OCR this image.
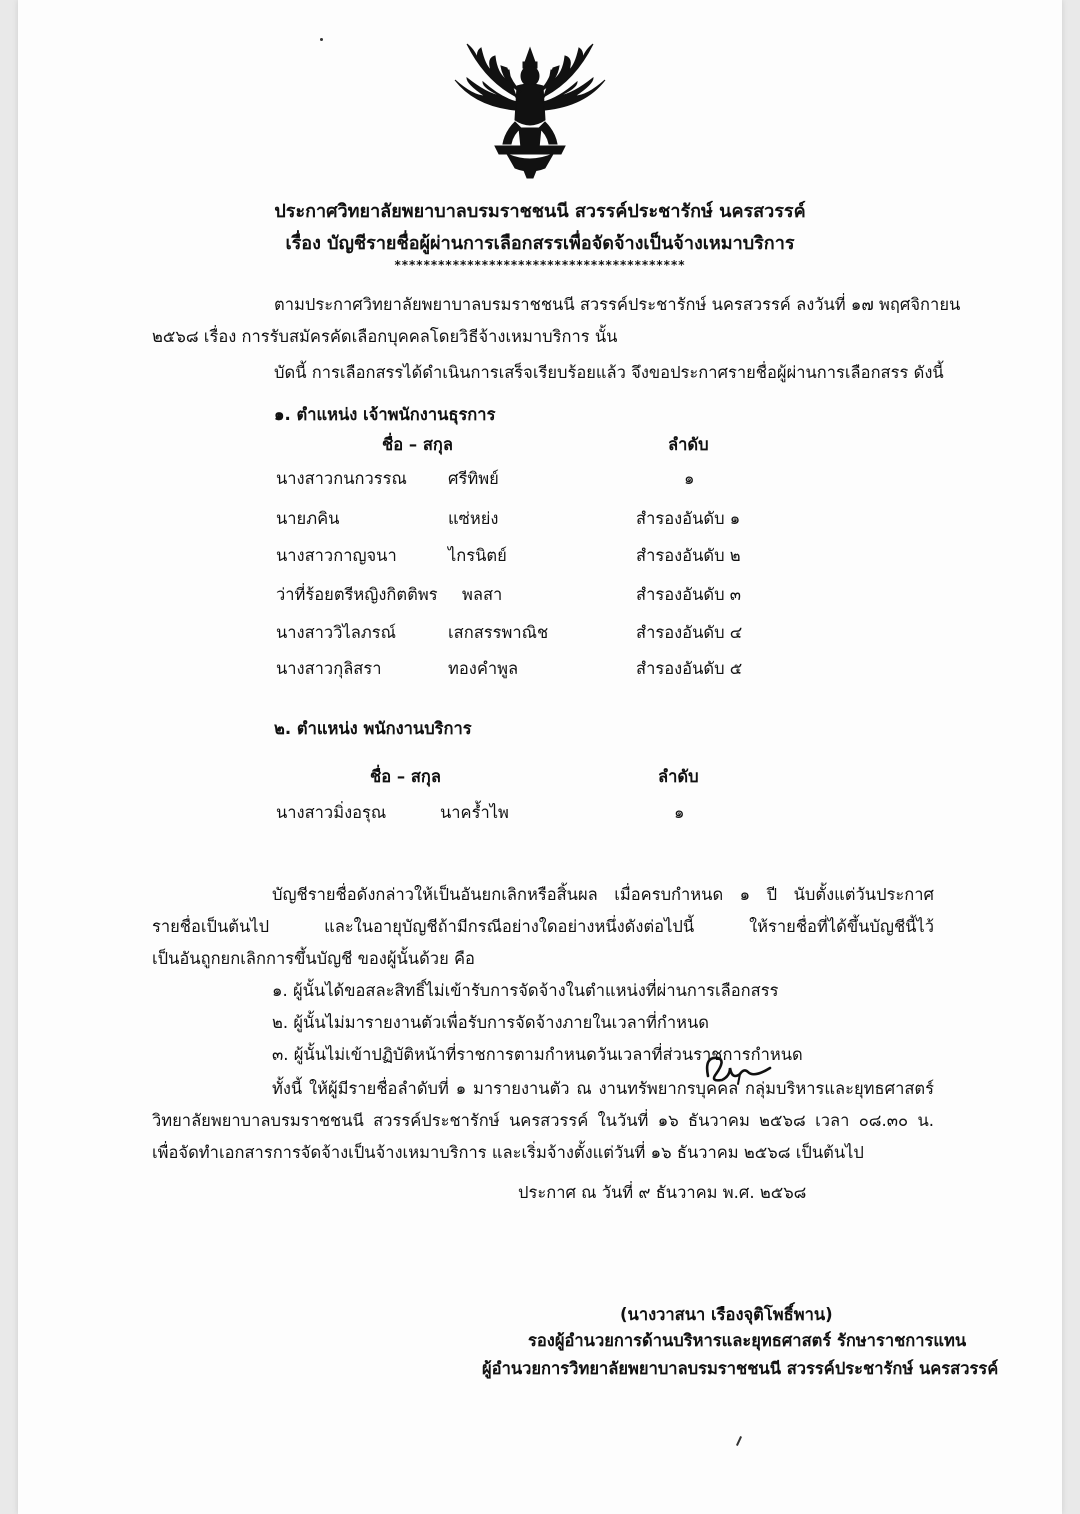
ประกาศวิทยาลัยพยาบาลบรมราชชนนี สวรรค์ประชารักษ์ นครสวรรค์
เรื่อง บัญชีรายชื่อผู้ผ่านการเลือกสรรเพื่อจัดจ้างเป็นจ้างเหมาบริการ
****************************************
ตามประกาศวิทยาลัยพยาบาลบรมราชชนนี สวรรค์ประชารักษ์ นครสวรรค์ ลงวันที่ ๑๗ พฤศจิกายน
๒๕๖๘ เรื่อง การรับสมัครคัดเลือกบุคคลโดยวิธีจ้างเหมาบริการ นั้น
บัดนี้ การเลือกสรรได้ดำเนินการเสร็จเรียบร้อยแล้ว จึงขอประกาศรายชื่อผู้ผ่านการเลือกสรร ดังนี้
๑. ตำแหน่ง เจ้าพนักงานธุรการ
ชื่อ – สกุล	ลำดับ
นางสาวกนกวรรณ ศรีทิพย์	๑
นายภคิน	แซ่หย่ง	สำรองอันดับ ๑
นางสาวกาญจนา	ไกรนิตย์	สำรองอันดับ ๒
ว่าที่ร้อยตรีหญิงกิตติพร พลสา	สำรองอันดับ ๓
นางสาววิไลภรณ์	เสกสรรพาณิช	สำรองอันดับ ๔
นางสาวกุลิสรา	ทองคำพูล	สำรองอันดับ ๕
๒. ตำแหน่ง พนักงานบริการ
ชื่อ – สกุล	ลำดับ
นางสาวมิ่งอรุณ	นาคร้ำไพ	๑
บัญชีรายชื่อดังกล่าวให้เป็นอันยกเลิกหรือสิ้นผล เมื่อครบกำหนด ๑ ปี นับตั้งแต่วันประกาศ
รายชื่อเป็นต้นไป และในอายุบัญชีถ้ามีกรณีอย่างใดอย่างหนึ่งดังต่อไปนี้ ให้รายชื่อที่ได้ขึ้นบัญชีนี้ไว้
เป็นอันถูกยกเลิกการขึ้นบัญชี ของผู้นั้นด้วย คือ
๑. ผู้นั้นได้ขอสละสิทธิ์ไม่เข้ารับการจัดจ้างในตำแหน่งที่ผ่านการเลือกสรร
๒. ผู้นั้นไม่มารายงานตัวเพื่อรับการจัดจ้างภายในเวลาที่กำหนด
๓. ผู้นั้นไม่เข้าปฏิบัติหน้าที่ราชการตามกำหนดวันเวลาที่ส่วนราชการกำหนด
ทั้งนี้ ให้ผู้มีรายชื่อลำดับที่ ๑ มารายงานตัว ณ งานทรัพยากรบุคคล กลุ่มบริหารและยุทธศาสตร์
วิทยาลัยพยาบาลบรมราชชนนี สวรรค์ประชารักษ์ นครสวรรค์ ในวันที่ ๑๖ ธันวาคม ๒๕๖๘ เวลา ๐๘.๓๐ น.
เพื่อจัดทำเอกสารการจัดจ้างเป็นจ้างเหมาบริการ และเริ่มจ้างตั้งแต่วันที่ ๑๖ ธันวาคม ๒๕๖๘ เป็นต้นไป
ประกาศ ณ วันที่ ๙ ธันวาคม พ.ศ. ๒๕๖๘
(นางวาสนา เรืองจุติโพธิ์พาน)
รองผู้อำนวยการด้านบริหารและยุทธศาสตร์ รักษาราชการแทน
ผู้อำนวยการวิทยาลัยพยาบาลบรมราชชนนี สวรรค์ประชารักษ์ นครสวรรค์
